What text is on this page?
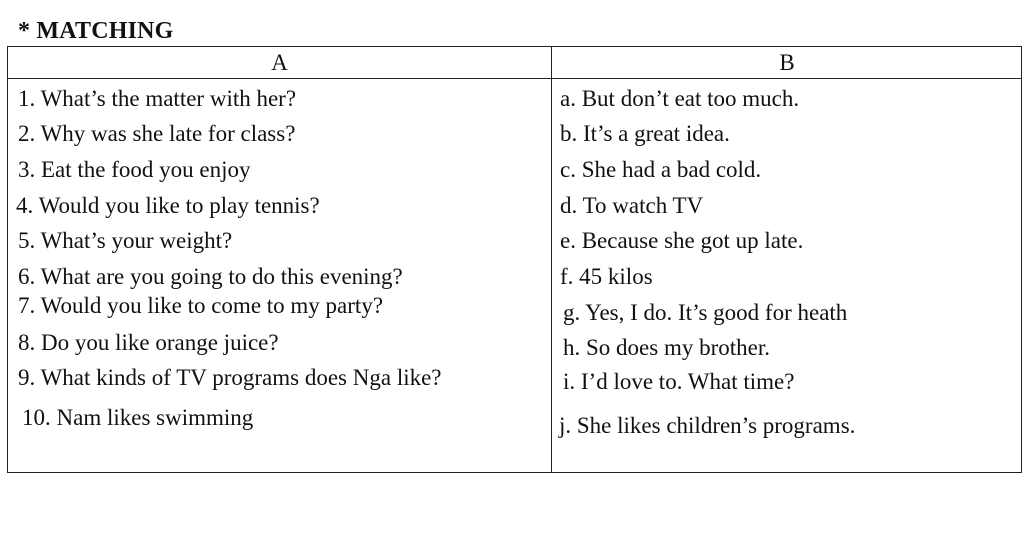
* MATCHING
A	B
1. What’s the matter with her?
2. Why was she late for class?
3. Eat the food you enjoy
4. Would you like to play tennis?
5. What’s your weight?
6. What are you going to do this evening?
7. Would you like to come to my party?
8. Do you like orange juice?
9. What kinds of TV programs does Nga like?
10. Nam likes swimming
a. But don’t eat too much.
b. It’s a great idea.
c. She had a bad cold.
d. To watch TV
e. Because she got up late.
f. 45 kilos
g. Yes, I do. It’s good for heath
h. So does my brother.
i. I’d love to. What time?
j. She likes children’s programs.
